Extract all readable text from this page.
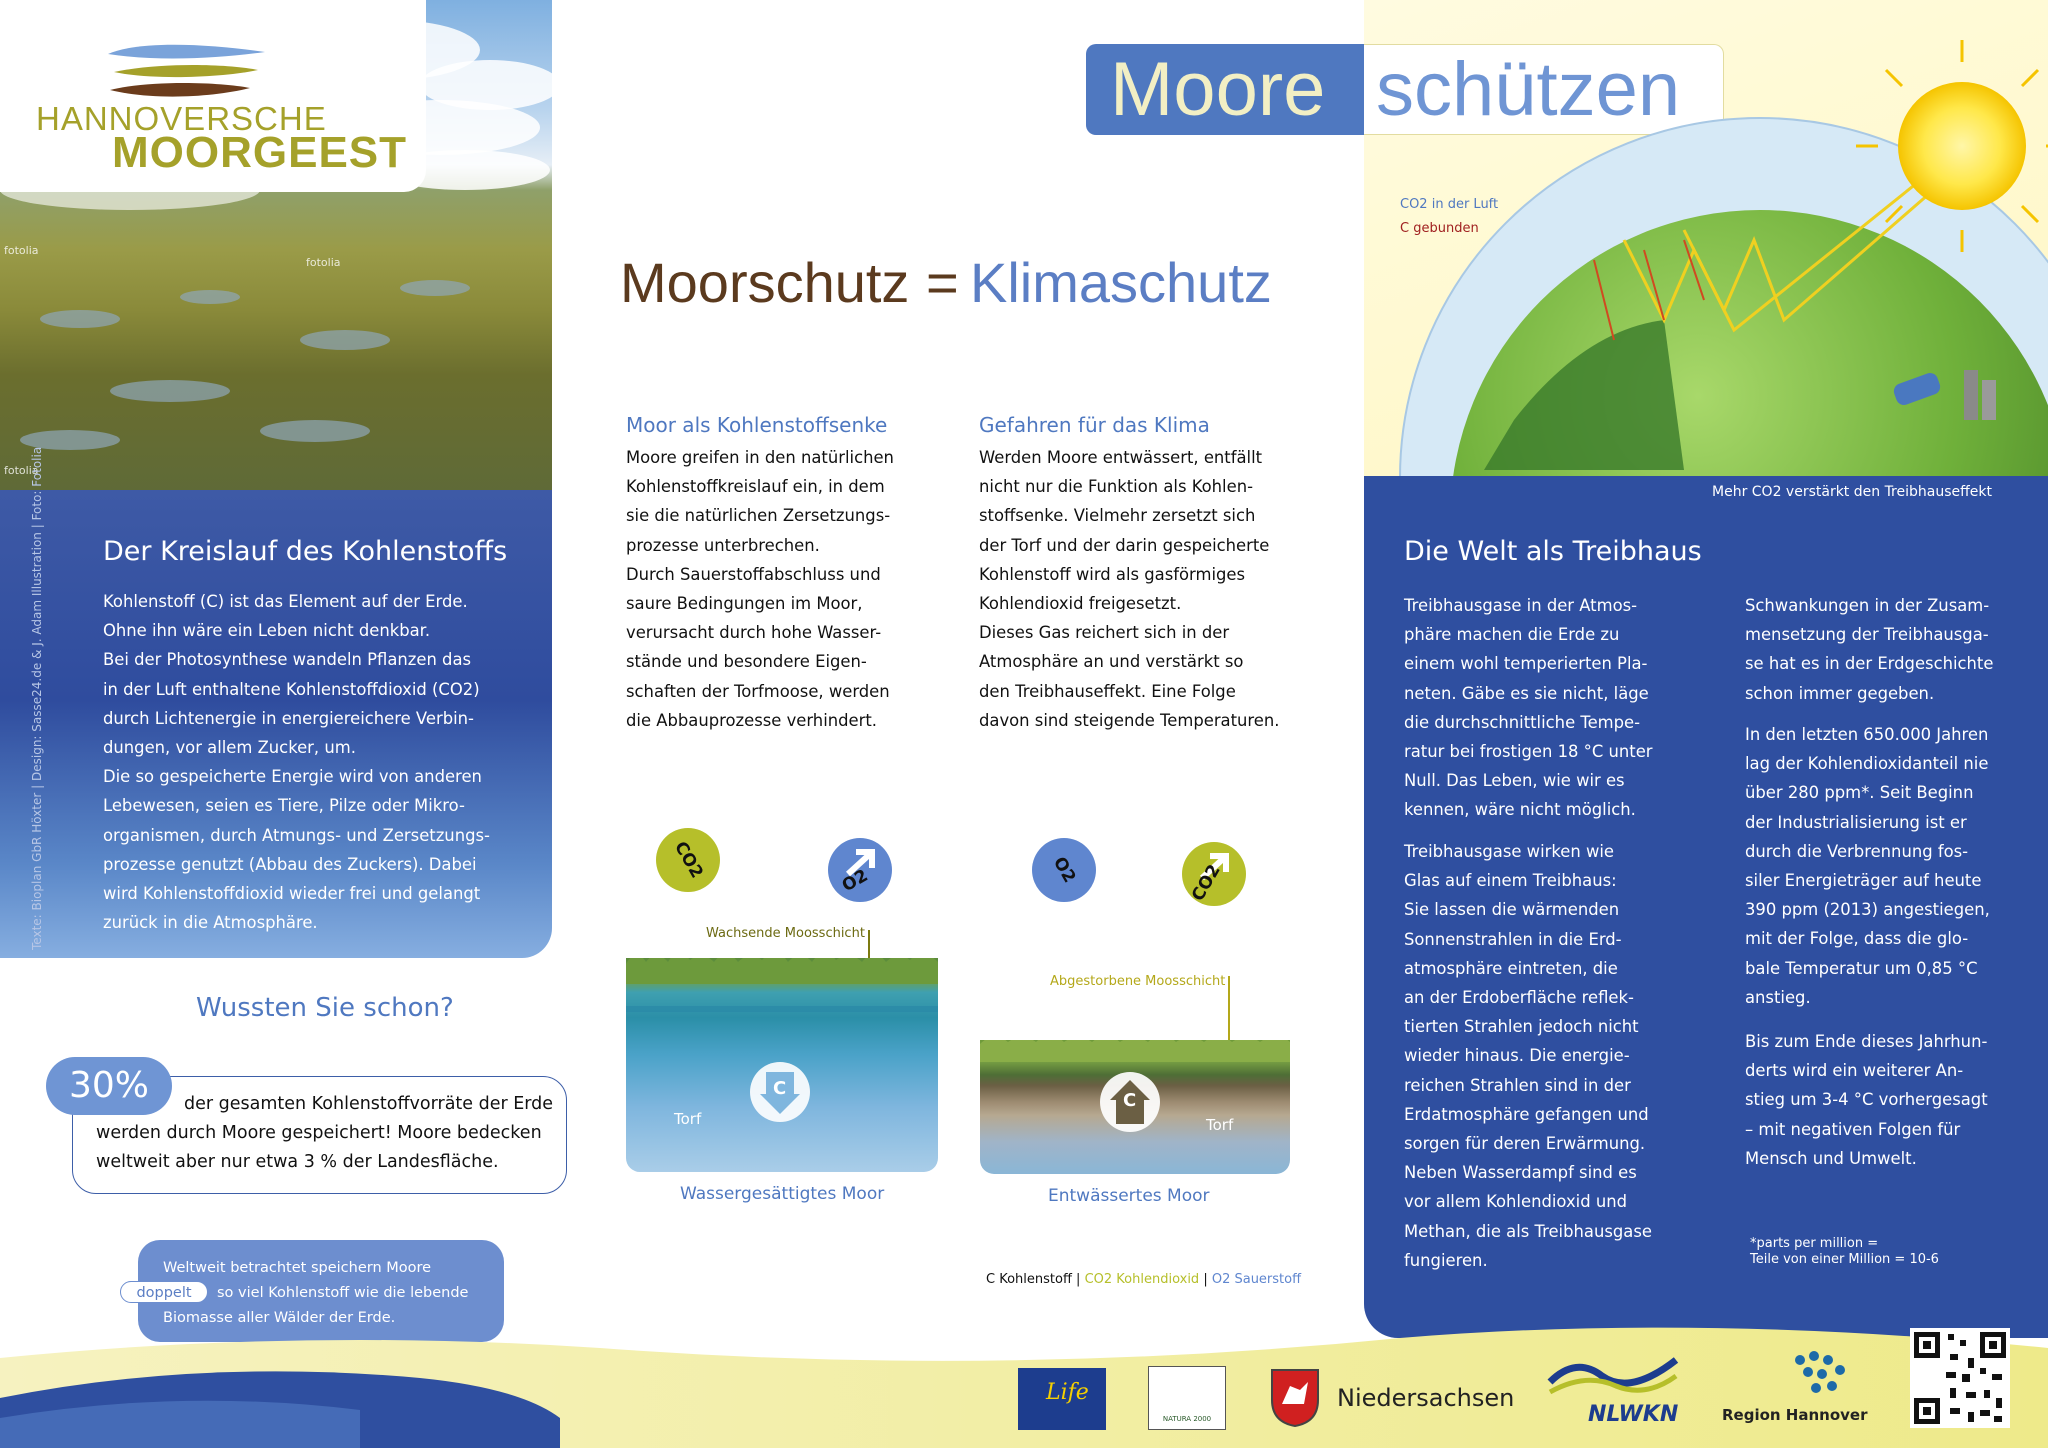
fotolia
fotolia
fotolia
HANNOVERSCHE
MOORGEEST
Texte: Bioplan GbR Höxter | Design: Sasse24.de & J. Adam Illustration | Foto: Fotolia Der Kreislauf des Kohlenstoffs
Kohlenstoff (C) ist das Element auf der Erde.
Ohne ihn wäre ein Leben nicht denkbar.
Bei der Photosynthese wandeln Pflanzen das
in der Luft enthaltene Kohlenstoffdioxid (CO2)
durch Lichtenergie in energiereichere Verbin-
dungen, vor allem Zucker, um.
Die so gespeicherte Energie wird von anderen
Lebewesen, seien es Tiere, Pilze oder Mikro-
organismen, durch Atmungs- und Zersetzungs-
prozesse genutzt (Abbau des Zuckers). Dabei
wird Kohlenstoffdioxid wieder frei und gelangt
zurück in die Atmosphäre.
Wussten Sie schon?
der gesamten Kohlenstoffvorräte der Erde werden durch Moore gespeichert! Moore bedecken weltweit aber nur etwa 3 % der Landesfläche.
30%
Weltweit betrachtet speichern Moore
so viel Kohlenstoff wie die lebende
Biomasse aller Wälder der Erde.
doppelt
Moore schützen
Moorschutz = Klimaschutz
Moor als Kohlenstoffsenke
Moore greifen in den natürlichen
Kohlenstoffkreislauf ein, in dem
sie die natürlichen Zersetzungs-
prozesse unterbrechen.
Durch Sauerstoffabschluss und
saure Bedingungen im Moor,
verursacht durch hohe Wasser-
stände und besondere Eigen-
schaften der Torfmoose, werden
die Abbauprozesse verhindert.
Gefahren für das Klima
Werden Moore entwässert, entfällt
nicht nur die Funktion als Kohlen-
stoffsenke. Vielmehr zersetzt sich
der Torf und der darin gespeicherte
Kohlenstoff wird als gasförmiges
Kohlendioxid freigesetzt.
Dieses Gas reichert sich in der
Atmosphäre an und verstärkt so
den Treibhauseffekt. Eine Folge
davon sind steigende Temperaturen.
CO2	O2
Wachsende Moosschicht
C
Torf
Wassergesättigtes Moor
O2	CO2
Abgestorbene Moosschicht
C
Torf
Entwässertes Moor
C Kohlenstoff | CO2 Kohlendioxid | O2 Sauerstoff
CO2 in der Luft
C gebunden
Mehr CO2 verstärkt den Treibhauseffekt
Die Welt als Treibhaus
Treibhausgase in der Atmos-
phäre machen die Erde zu
einem wohl temperierten Pla-
neten. Gäbe es sie nicht, läge
die durchschnittliche Tempe-
ratur bei frostigen 18 °C unter
Null. Das Leben, wie wir es
kennen, wäre nicht möglich.
Treibhausgase wirken wie
Glas auf einem Treibhaus:
Sie lassen die wärmenden
Sonnenstrahlen in die Erd-
atmosphäre eintreten, die
an der Erdoberfläche reflek-
tierten Strahlen jedoch nicht
wieder hinaus. Die energie-
reichen Strahlen sind in der
Erdatmosphäre gefangen und
sorgen für deren Erwärmung.
Neben Wasserdampf sind es
vor allem Kohlendioxid und
Methan, die als Treibhausgase
fungieren.
Schwankungen in der Zusam-
mensetzung der Treibhausga-
se hat es in der Erdgeschichte
schon immer gegeben.
In den letzten 650.000 Jahren
lag der Kohlendioxidanteil nie
über 280 ppm*. Seit Beginn
der Industrialisierung ist er
durch die Verbrennung fos-
siler Energieträger auf heute
390 ppm (2013) angestiegen,
mit der Folge, dass die glo-
bale Temperatur um 0,85 °C
anstieg.
Bis zum Ende dieses Jahrhun-
derts wird ein weiterer An-
stieg um 3-4 °C vorhergesagt
– mit negativen Folgen für
Mensch und Umwelt.
*parts per million =
Teile von einer Million = 10-6
Life
NATURA 2000
Niedersachsen
NLWKN	Region Hannover
